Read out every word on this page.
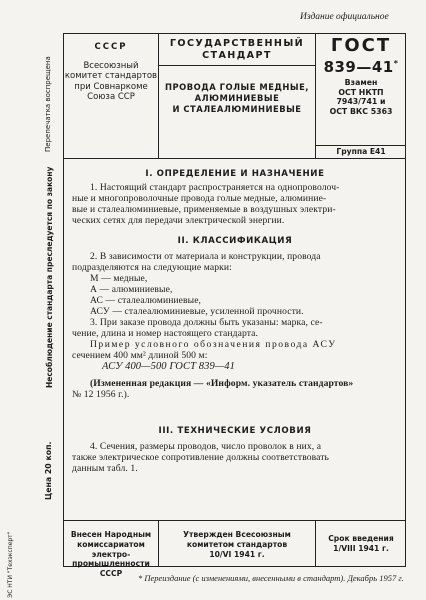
Издание официальное
СССР
Всесоюзный
комитет стандартов
при Совнаркоме
Союза ССР
ГОСУДАРСТВЕННЫЙ
СТАНДАРТ
ПРОВОДА ГОЛЫЕ МЕДНЫЕ,
АЛЮМИНИЕВЫЕ
И СТАЛЕАЛЮМИНИЕВЫЕ
ГОСТ
839—41*
Взамен
ОСТ НКТП
7943/741 и
ОСТ ВКС 5363
Группа Е41
I. ОПРЕДЕЛЕНИЕ И НАЗНАЧЕНИЕ
1. Настоящий стандарт распространяется на однопроволоч-
ные и многопроволочные провода голые медные, алюминие-
вые и сталеалюминиевые, применяемые в воздушных электри-
ческих сетях для передачи электрической энергии.
II. КЛАССИФИКАЦИЯ
2. В зависимости от материала и конструкции, провода
подразделяются на следующие марки:
М — медные,
А — алюминиевые,
АС — сталеалюминиевые,
АСУ — сталеалюминиевые, усиленной прочности.
3. При заказе провода должны быть указаны: марка, се-
чение, длина и номер настоящего стандарта.
Пример условного обозначения провода АСУ
сечением 400 мм² длиной 500 м:
АСУ 400—500 ГОСТ 839—41
(Измененная редакция — «Информ. указатель стандартов»
№ 12 1956 г.).
III. ТЕХНИЧЕСКИЕ УСЛОВИЯ
4. Сечения, размеры проводов, число проволок в них, а
также электрическое сопротивление должны соответствовать
данным табл. 1.
Внесен Народным
комиссариатом электро-
промышленности СССР
Утвержден Всесоюзным
комитетом стандартов
10/VI 1941 г.
Срок введения
1/VIII 1941 г.
Перепечатка воспрещена
Цена 20 коп.
Несоблюдение стандарта преследуется по закону
ЭС НТИ "Техэксперт"	* Переиздание (с изменениями, внесенными в стандарт). Декабрь 1957 г.
